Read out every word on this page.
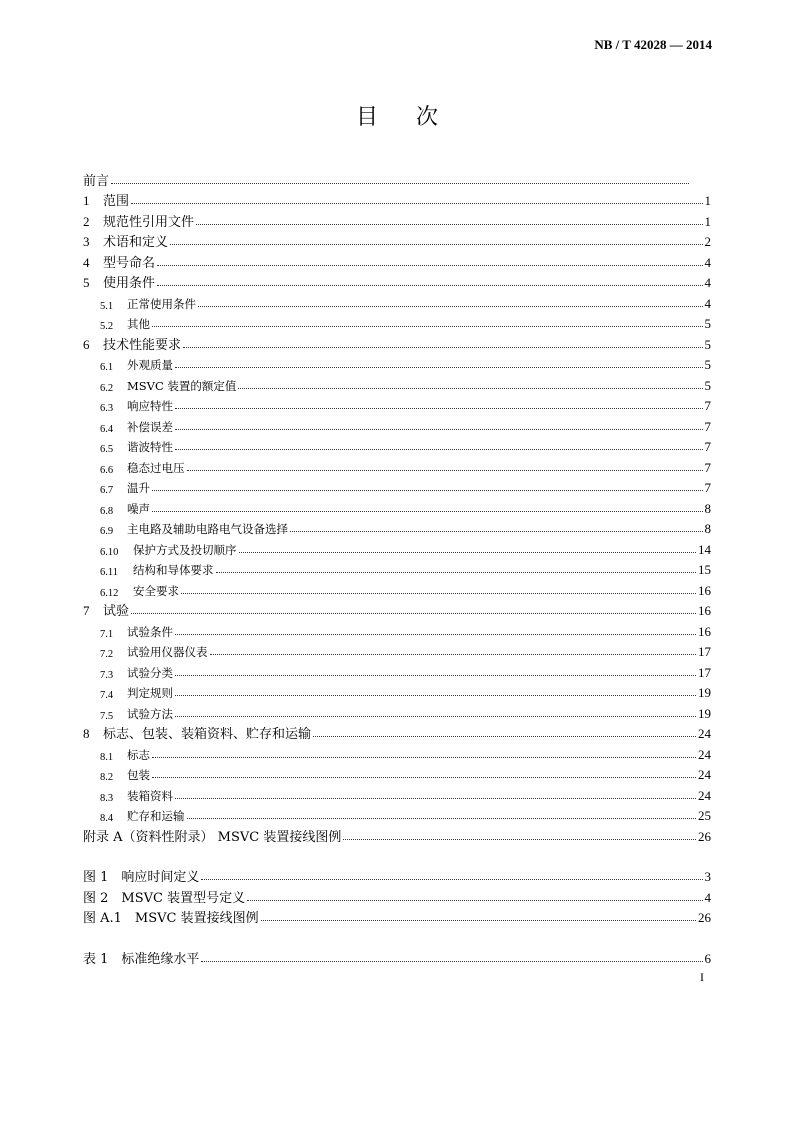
NB / T 42028 — 2014
目次
前言
1	范围	1
2	规范性引用文件	1
3	术语和定义	2
4	型号命名	4
5	使用条件	4
5.1	正常使用条件	4
5.2	其他	5
6	技术性能要求	5
6.1	外观质量	5
6.2	MSVC 装置的额定值	5
6.3	响应特性	7
6.4	补偿误差	7
6.5	谐波特性	7
6.6	稳态过电压	7
6.7	温升	7
6.8	噪声	8
6.9	主电路及辅助电路电气设备选择	8
6.10	保护方式及投切顺序	14
6.11	结构和导体要求	15
6.12	安全要求	16
7	试验	16
7.1	试验条件	16
7.2	试验用仪器仪表	17
7.3	试验分类	17
7.4	判定规则	19
7.5	试验方法	19
8	标志、包装、装箱资料、贮存和运输	24
8.1	标志	24
8.2	包装	24
8.3	装箱资料	24
8.4	贮存和运输	25
附录 A（资料性附录） MSVC 装置接线图例	26
图 1　响应时间定义	3
图 2　MSVC 装置型号定义	4
图 A.1　MSVC 装置接线图例	26
表 1　标准绝缘水平	6
I
